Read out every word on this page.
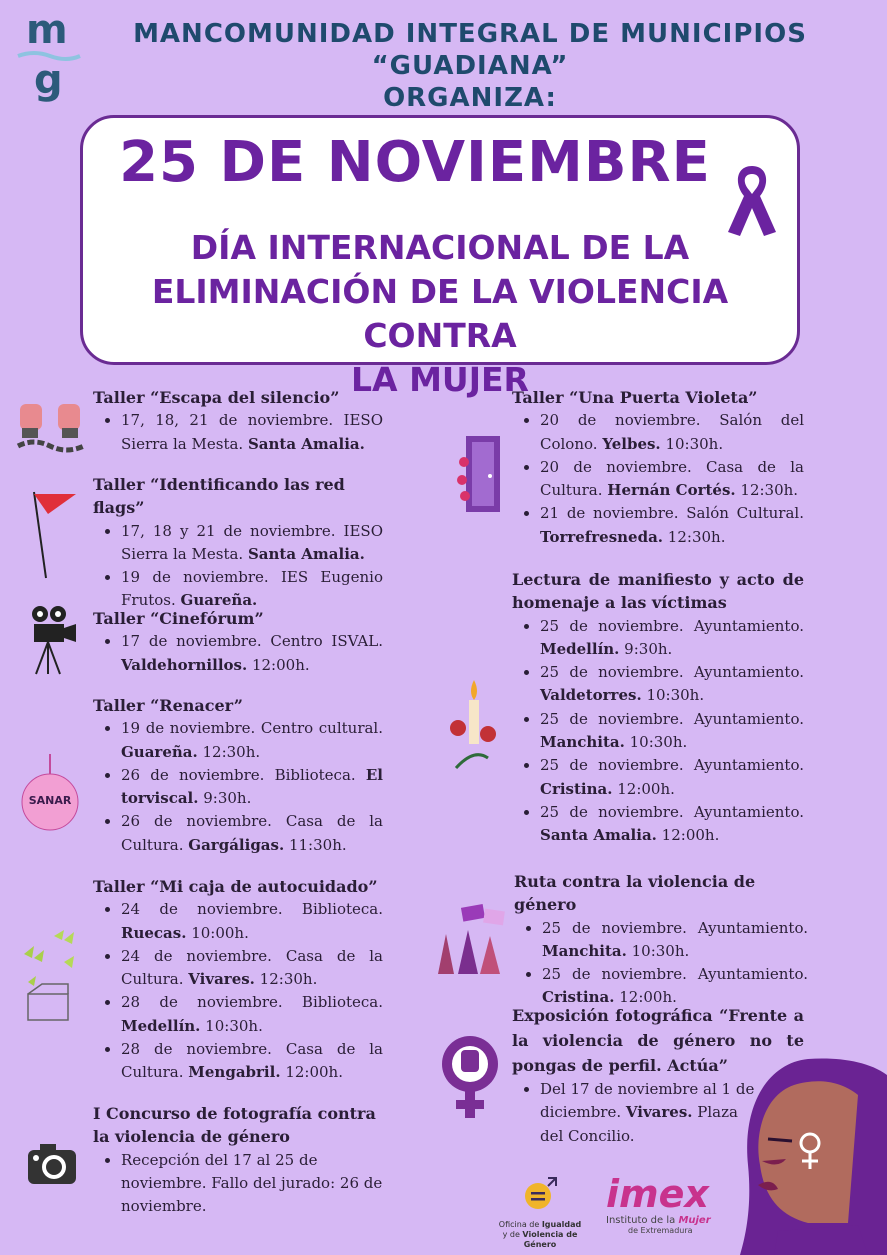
m
g
MANCOMUNIDAD INTEGRAL DE MUNICIPIOS “GUADIANA”
ORGANIZA:
25 DE NOVIEMBRE
DÍA INTERNACIONAL DE LA
ELIMINACIÓN DE LA VIOLENCIA CONTRA
LA MUJER

Taller “Escapa del silencio”

• 17, 18, 21 de noviembre. IESO Sierra la Mesta. Santa Amalia.

Taller “Identificando las red flags”

• 17, 18 y 21 de noviembre. IESO Sierra la Mesta. Santa Amalia.
• 19 de noviembre. IES Eugenio Frutos. Guareña.

Taller “Cinefórum”

• 17 de noviembre. Centro ISVAL. Valdehornillos. 12:00h.

Taller “Renacer”

• 19 de noviembre. Centro cultural. Guareña. 12:30h.
• 26 de noviembre. Biblioteca. El torviscal. 9:30h.
• 26 de noviembre. Casa de la Cultura. Gargáligas. 11:30h.

Taller “Mi caja de autocuidado”

• 24 de noviembre. Biblioteca. Ruecas. 10:00h.
• 24 de noviembre. Casa de la Cultura. Vivares. 12:30h.
• 28 de noviembre. Biblioteca. Medellín. 10:30h.
• 28 de noviembre. Casa de la Cultura. Mengabril. 12:00h.

I Concurso de fotografía contra la violencia de género

• Recepción del 17 al 25 de noviembre. Fallo del jurado: 26 de noviembre.

Taller “Una Puerta Violeta”

• 20 de noviembre. Salón del Colono. Yelbes. 10:30h.
• 20 de noviembre. Casa de la Cultura. Hernán Cortés. 12:30h.
• 21 de noviembre. Salón Cultural. Torrefresneda. 12:30h.

Lectura de manifiesto y acto de homenaje a las víctimas

• 25 de noviembre. Ayuntamiento. Medellín. 9:30h.
• 25 de noviembre. Ayuntamiento. Valdetorres. 10:30h.
• 25 de noviembre. Ayuntamiento. Manchita. 10:30h.
• 25 de noviembre. Ayuntamiento. Cristina. 12:00h.
• 25 de noviembre. Ayuntamiento. Santa Amalia. 12:00h.

Ruta contra la violencia de género

• 25 de noviembre. Ayuntamiento. Manchita. 10:30h.
• 25 de noviembre. Ayuntamiento. Cristina. 12:00h.

Exposición fotográfica “Frente a la violencia de género no te pongas de perfil. Actúa”

• Del 17 de noviembre al 1 de diciembre. Vivares. Plaza del Concilio.
SANAR
Oficina de Igualdad
y de Violencia de Género
imex
Instituto de la Mujer
de Extremadura
